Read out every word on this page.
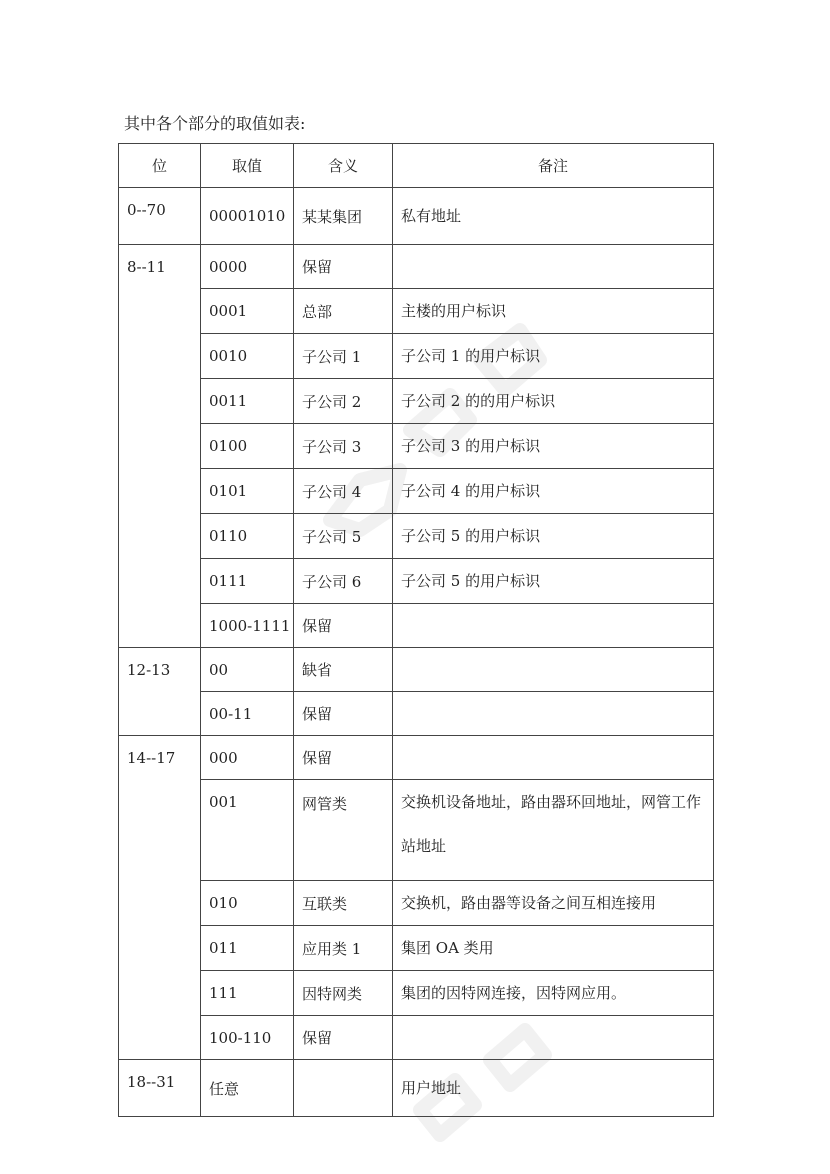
其中各个部分的取值如表:
位	取值	含义	备注
0--70	00001010	某某集团	私有地址
8--11	0000	保留	
	0001	总部	主楼的用户标识
	0010	子公司 1	子公司 1 的用户标识
	0011	子公司 2	子公司 2 的的用户标识
	0100	子公司 3	子公司 3 的用户标识
	0101	子公司 4	子公司 4 的用户标识
	0110	子公司 5	子公司 5 的用户标识
	0111	子公司 6	子公司 5 的用户标识
	1000-1111	保留	
12-13	00	缺省	
	00-11	保留	
14--17	000	保留	
	001	网管类	交换机设备地址，路由器环回地址，网管工作站地址
	010	互联类	交换机，路由器等设备之间互相连接用
	011	应用类 1	集团 OA 类用
	111	因特网类	集团的因特网连接，因特网应用。
	100-110	保留	
18--31	任意		用户地址
